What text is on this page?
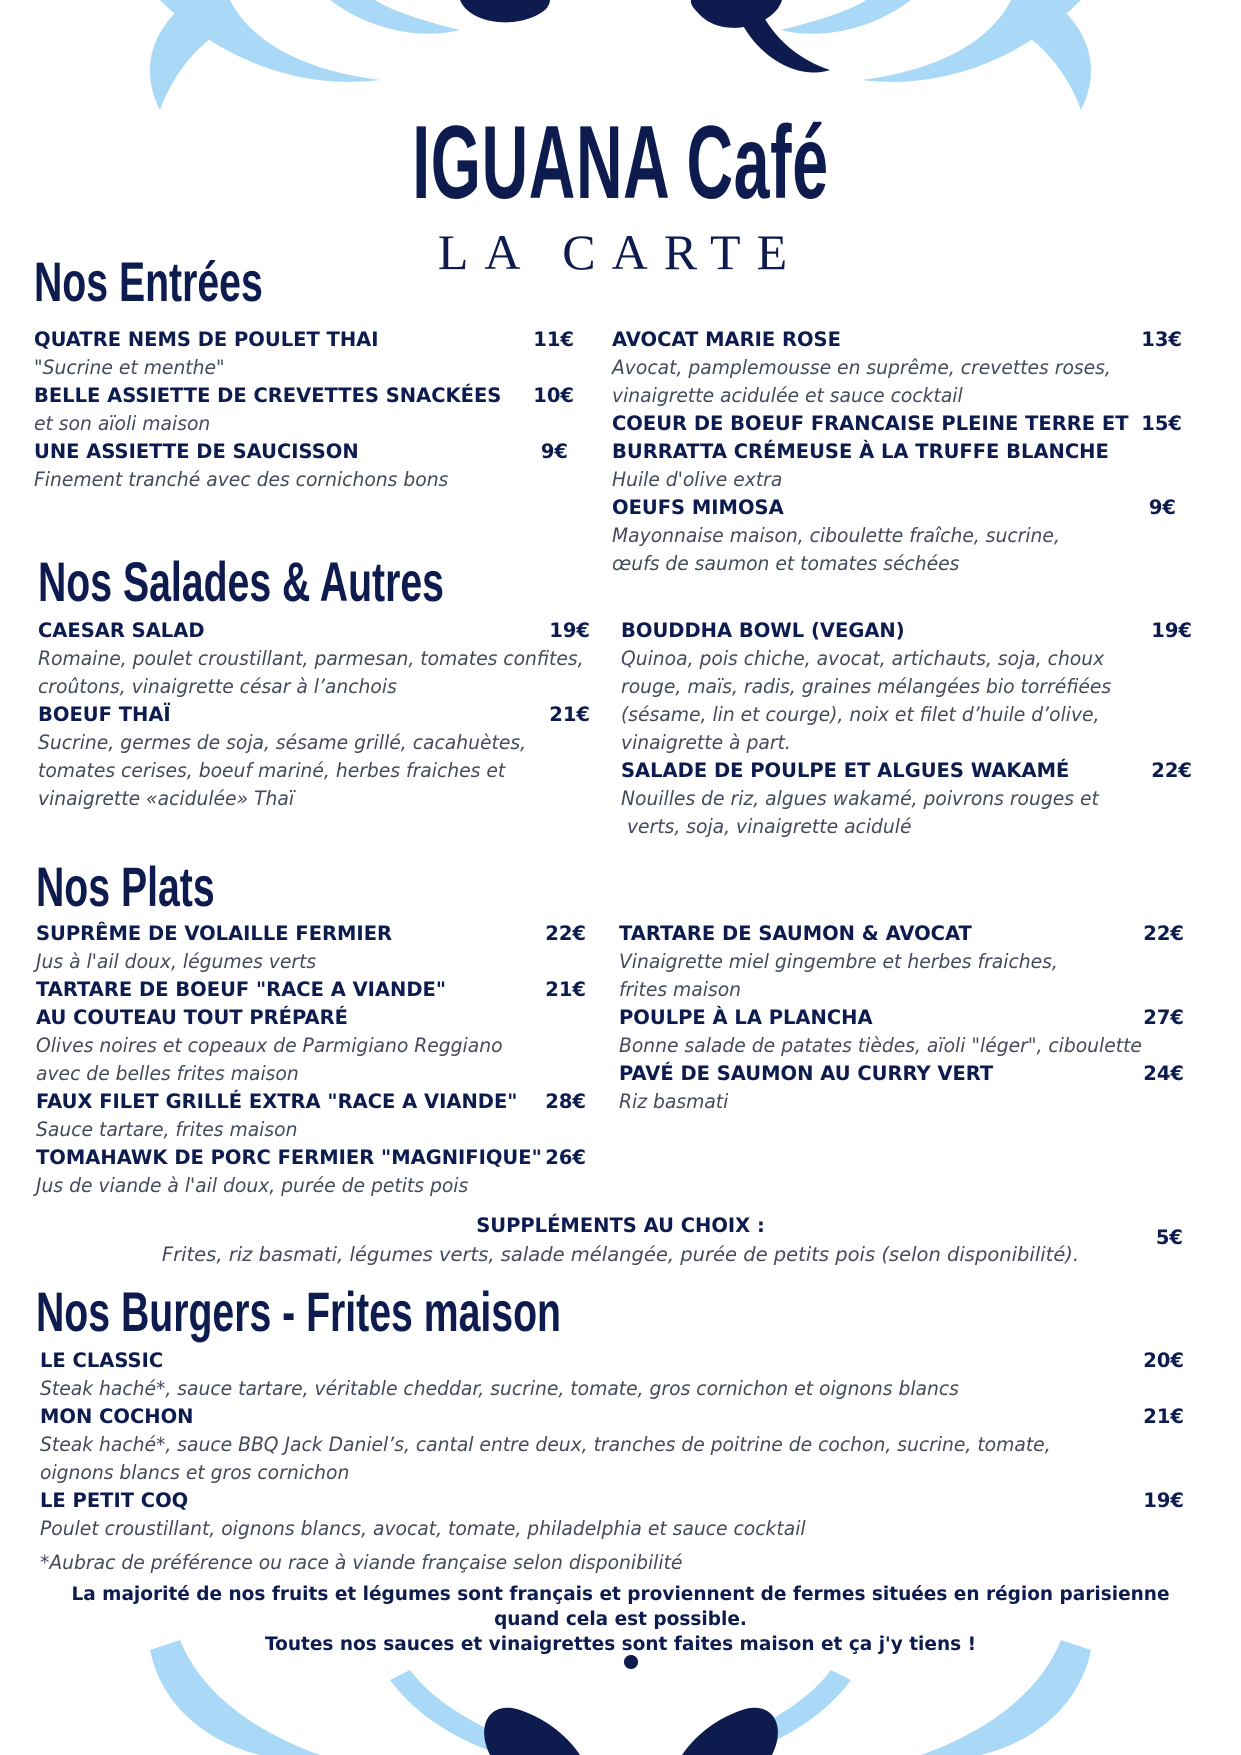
IGUANA Café
LA CARTE
Nos Entrées
QUATRE NEMS DE POULET THAI	11€
"Sucrine et menthe"
BELLE ASSIETTE DE CREVETTES SNACKÉES 10€
et son aïoli maison
UNE ASSIETTE DE SAUCISSON	9€
Finement tranché avec des cornichons bons
AVOCAT MARIE ROSE	13€
Avocat, pamplemousse en suprême, crevettes roses,
vinaigrette acidulée et sauce cocktail
COEUR DE BOEUF FRANCAISE PLEINE TERRE ET 15€
BURRATTA CRÉMEUSE À LA TRUFFE BLANCHE
Huile d'olive extra
OEUFS MIMOSA	9€
Mayonnaise maison, ciboulette fraîche, sucrine,
œufs de saumon et tomates séchées
Nos Salades & Autres
CAESAR SALAD	19€
Romaine, poulet croustillant, parmesan, tomates confites,
croûtons, vinaigrette césar à l’anchois
BOEUF THAÏ	21€
Sucrine, germes de soja, sésame grillé, cacahuètes,
tomates cerises, boeuf mariné, herbes fraiches et
vinaigrette «acidulée» Thaï
BOUDDHA BOWL (VEGAN)	19€
Quinoa, pois chiche, avocat, artichauts, soja, choux
rouge, maïs, radis, graines mélangées bio torréfiées
(sésame, lin et courge), noix et filet d’huile d’olive,
vinaigrette à part.
SALADE DE POULPE ET ALGUES WAKAMÉ	22€
Nouilles de riz, algues wakamé, poivrons rouges et
verts, soja, vinaigrette acidulé
Nos Plats
SUPRÊME DE VOLAILLE FERMIER	22€
Jus à l'ail doux, légumes verts
TARTARE DE BOEUF "RACE A VIANDE"	21€
AU COUTEAU TOUT PRÉPARÉ
Olives noires et copeaux de Parmigiano Reggiano
avec de belles frites maison
FAUX FILET GRILLÉ EXTRA "RACE A VIANDE" 28€
Sauce tartare, frites maison
TOMAHAWK DE PORC FERMIER "MAGNIFIQUE" 26€
Jus de viande à l'ail doux, purée de petits pois
TARTARE DE SAUMON & AVOCAT	22€
Vinaigrette miel gingembre et herbes fraiches,
frites maison
POULPE À LA PLANCHA	27€
Bonne salade de patates tièdes, aïoli "léger", ciboulette
PAVÉ DE SAUMON AU CURRY VERT	24€
Riz basmati
SUPPLÉMENTS AU CHOIX :
Frites, riz basmati, légumes verts, salade mélangée, purée de petits pois (selon disponibilité).
5€
Nos Burgers - Frites maison
LE CLASSIC	20€
Steak haché*, sauce tartare, véritable cheddar, sucrine, tomate, gros cornichon et oignons blancs
MON COCHON	21€
Steak haché*, sauce BBQ Jack Daniel’s, cantal entre deux, tranches de poitrine de cochon, sucrine, tomate,
oignons blancs et gros cornichon
LE PETIT COQ	19€
Poulet croustillant, oignons blancs, avocat, tomate, philadelphia et sauce cocktail
*Aubrac de préférence ou race à viande française selon disponibilité
La majorité de nos fruits et légumes sont français et proviennent de fermes situées en région parisienne
quand cela est possible.
Toutes nos sauces et vinaigrettes sont faites maison et ça j'y tiens !
